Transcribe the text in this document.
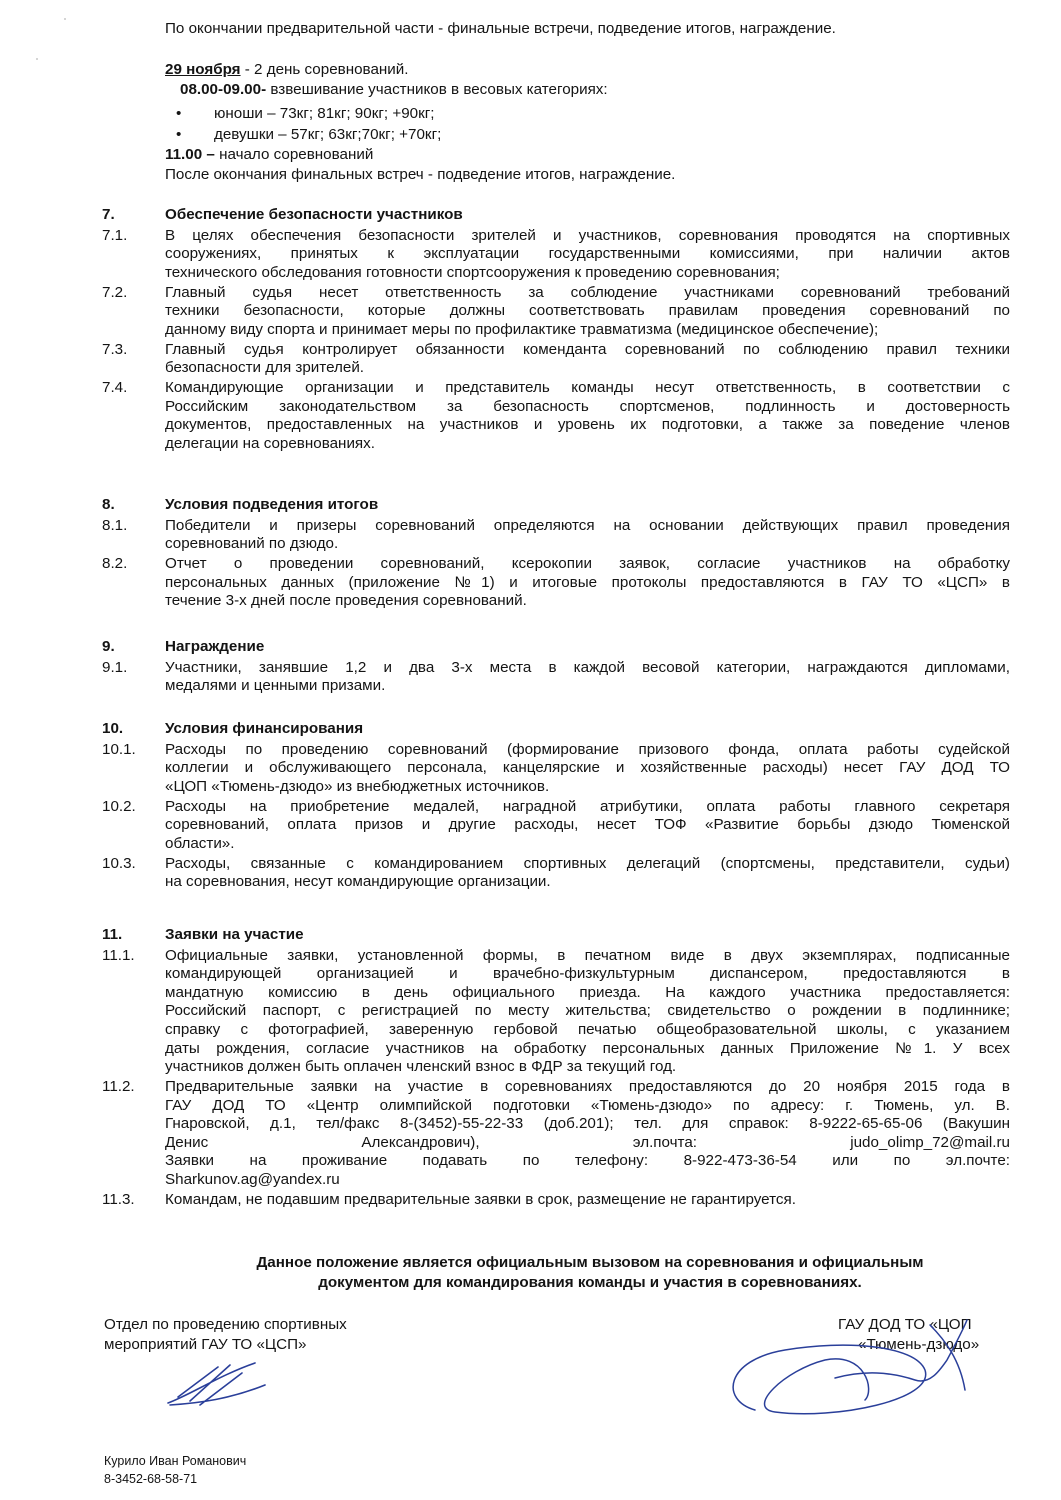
По окончании предварительной части - финальные встречи, подведение итогов, награждение.
29 ноября - 2 день соревнований.
08.00-09.00- взвешивание участников в весовых категориях:
• юноши – 73кг; 81кг; 90кг; +90кг;
• девушки – 57кг; 63кг;70кг; +70кг;
11.00 – начало соревнований
После окончания финальных встреч - подведение итогов, награждение.
7.	Обеспечение безопасности участников
7.1.	В целях обеспечения безопасности зрителей и участников, соревнования проводятся на спортивных
сооружениях, принятых к эксплуатации государственными комиссиями, при наличии актов
технического обследования готовности спортсооружения к проведению соревнования;
7.2.	Главный судья несет ответственность за соблюдение участниками соревнований требований
техники безопасности, которые должны соответствовать правилам проведения соревнований по
данному виду спорта и принимает меры по профилактике травматизма (медицинское обеспечение);
7.3.	Главный судья контролирует обязанности коменданта соревнований по соблюдению правил техники
безопасности для зрителей.
7.4.	Командирующие организации и представитель команды несут ответственность, в соответствии с
Российским законодательством за безопасность спортсменов, подлинность и достоверность
документов, предоставленных на участников и уровень их подготовки, а также за поведение членов
делегации на соревнованиях.
8.	Условия подведения итогов
8.1.	Победители и призеры соревнований определяются на основании действующих правил проведения
соревнований по дзюдо.
8.2.	Отчет о проведении соревнований, ксерокопии заявок, согласие участников на обработку
персональных данных (приложение №1) и итоговые протоколы предоставляются в ГАУ ТО «ЦСП» в
течение 3-х дней после проведения соревнований.
9.	Награждение
9.1.	Участники, занявшие 1,2 и два 3-х места в каждой весовой категории, награждаются дипломами,
медалями и ценными призами.
10.	Условия финансирования
10.1.	Расходы по проведению соревнований (формирование призового фонда, оплата работы судейской
коллегии и обслуживающего персонала, канцелярские и хозяйственные расходы) несет ГАУ ДОД ТО
«ЦОП «Тюмень-дзюдо» из внебюджетных источников.
10.2.	Расходы на приобретение медалей, наградной атрибутики, оплата работы главного секретаря
соревнований, оплата призов и другие расходы, несет ТОФ «Развитие борьбы дзюдо Тюменской
области».
10.3.	Расходы, связанные с командированием спортивных делегаций (спортсмены, представители, судьи)
на соревнования, несут командирующие организации.
11.	Заявки на участие
11.1.	Официальные заявки, установленной формы, в печатном виде в двух экземплярах, подписанные
командирующей организацией и врачебно-физкультурным диспансером, предоставляются в
мандатную комиссию в день официального приезда. На каждого участника предоставляется:
Российский паспорт, с регистрацией по месту жительства; свидетельство о рождении в подлиннике;
справку с фотографией, заверенную гербовой печатью общеобразовательной школы, с указанием
даты рождения, согласие участников на обработку персональных данных Приложение №1. У всех
участников должен быть оплачен членский взнос в ФДР за текущий год.
11.2.	Предварительные заявки на участие в соревнованиях предоставляются до 20 ноября 2015 года в
ГАУ ДОД ТО «Центр олимпийской подготовки «Тюмень-дзюдо» по адресу: г. Тюмень, ул. В.
Гнаровской, д.1, тел/факс 8-(3452)-55-22-33 (доб.201); тел. для справок: 8-9222-65-65-06 (Вакушин
Денис Александрович), эл.почта: judo_olimp_72@mail.ru
Заявки на проживание подавать по телефону: 8-922-473-36-54 или по эл.почте:
Sharkunov.ag@yandex.ru
11.3.	Командам, не подавшим предварительные заявки в срок, размещение не гарантируется.
Данное положение является официальным вызовом на соревнования и официальным
документом для командирования команды и участия в соревнованиях.
Отдел по проведению спортивных
мероприятий ГАУ ТО «ЦСП»
ГАУ ДОД ТО «ЦОП
«Тюмень-дзюдо»
Курило Иван Романович
8-3452-68-58-71
